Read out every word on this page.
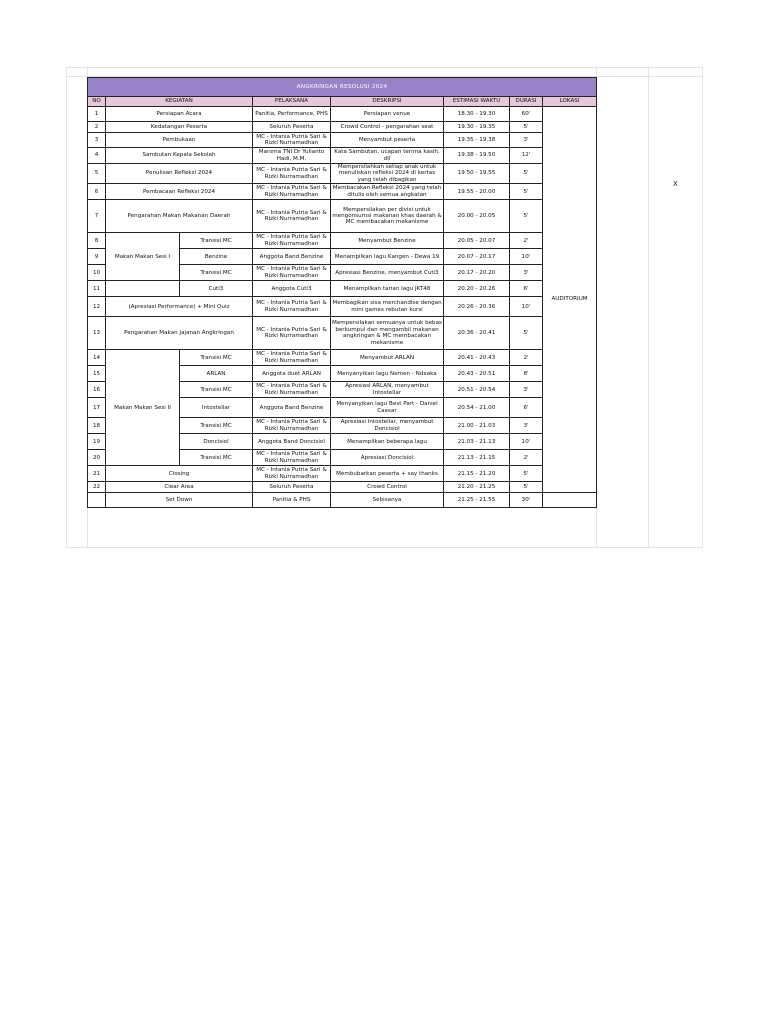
X
ANGKRINGAN RESOLUSI 2024							
NO	KEGIATAN		PELAKSANA	DESKRIPSI	ESTIMASI WAKTU	DURASI	LOKASI
1	Persiapan Acara		Panitia, Performance, PHS	Persiapan venue	18.30 - 19.30	60'	AUDITORIUM
2	Kedatangan Peserta		Seluruh Peserta	Crowd Control - pengarahan seat	19.30 - 19.35	5'	
3	Pembukaan		MC - Intania Putria Sari & Rizki Nurramadhan	Menyambut peserta	19.35 - 19.38	3'	
4	Sambutan Kepala Sekolah		Marsma TNI Dr Yulianto Hadi, M.M.	Kata Sambutan, ucapan terima kasih, dll	19.38 - 19.50	12'	
5	Penulisan Refleksi 2024		MC - Intania Putria Sari & Rizki Nurramadhan	Mempersilahkan setiap anak untuk menuliskan refleksi 2024 di kertas yang telah dibagikan	19.50 - 19.55	5'	
6	Pembacaan Refleksi 2024		MC - Intania Putria Sari & Rizki Nurramadhan	Membacakan Refleksi 2024 yang telah ditulis oleh semua angkatan	19.55 - 20.00	5'	
7	Pengarahan Makan Makanan Daerah		MC - Intania Putria Sari & Rizki Nurramadhan	Mempersilakan per divisi untuk mengonsumsi makanan khas daerah & MC membacakan mekanisme	20.00 - 20.05	5'	
8	Makan Makan Sesi I	Transisi MC	MC - Intania Putria Sari & Rizki Nurramadhan	Menyambut Benzine	20.05 - 20.07	2'	
9		Benzine	Anggota Band Benzine	Menampilkan lagu Kangen - Dewa 19	20.07 - 20.17	10'	
10		Transisi MC	MC - Intania Putria Sari & Rizki Nurramadhan	Apresiasi Benzine, menyambut Cuti3	20.17 - 20.20	3'	
11		Cuti3	Anggota Cuti3	Menampilkan tarian lagu JKT48	20.20 - 20.26	6'	
12	(Apresiasi Performance) + Mini Quiz		MC - Intania Putria Sari & Rizki Nurramadhan	Membagikan sisa merchandise dengan mini games rebutan kursi	20.26 - 20.36	10'	
13	Pengarahan Makan Jajanan Angkringan		MC - Intania Putria Sari & Rizki Nurramadhan	Mempersilakan semuanya untuk bebas berkumpul dan mengambil makanan angkringan & MC membacakan mekanisme	20.36 - 20.41	5'	
14	Makan Makan Sesi II	Transisi MC	MC - Intania Putria Sari & Rizki Nurramadhan	Menyambut ARLAN	20.41 - 20.43	2'	
15		ARLAN	Anggota duet ARLAN	Menyanyikan lagu Nemen - Ndxaka	20.43 - 20.51	8'	
16		Transisi MC	MC - Intania Putria Sari & Rizki Nurramadhan	Apresiasi ARLAN, menyambut Intostellar	20.51 - 20.54	3'	
17		Intostellar	Anggota Band Benzine	Menyanyikan lagu Best Part - Daniel Caesar	20.54 - 21.00	6'	
18		Transisi MC	MC - Intania Putria Sari & Rizki Nurramadhan	Apresiasi Intostellar, menyambut Doncisiol	21.00 - 21.03	3'	
19		Doncisiol	Anggota Band Doncisiol	Menampilkan beberapa lagu	21.03 - 21.13	10'	
20		Transisi MC	MC - Intania Putria Sari & Rizki Nurramadhan	Apresiasi Doncisiol	21.13 - 21.15	2'	
21	Closing		MC - Intania Putria Sari & Rizki Nurramadhan	Membubarkan peserta + say thanks	21.15 - 21.20	5'	
22	Clear Area		Seluruh Peserta	Crowd Control	21.20 - 21.25	5'	
	Set Down		Panitia & PHS	Sebisanya	21.25 - 21.55	30'	
